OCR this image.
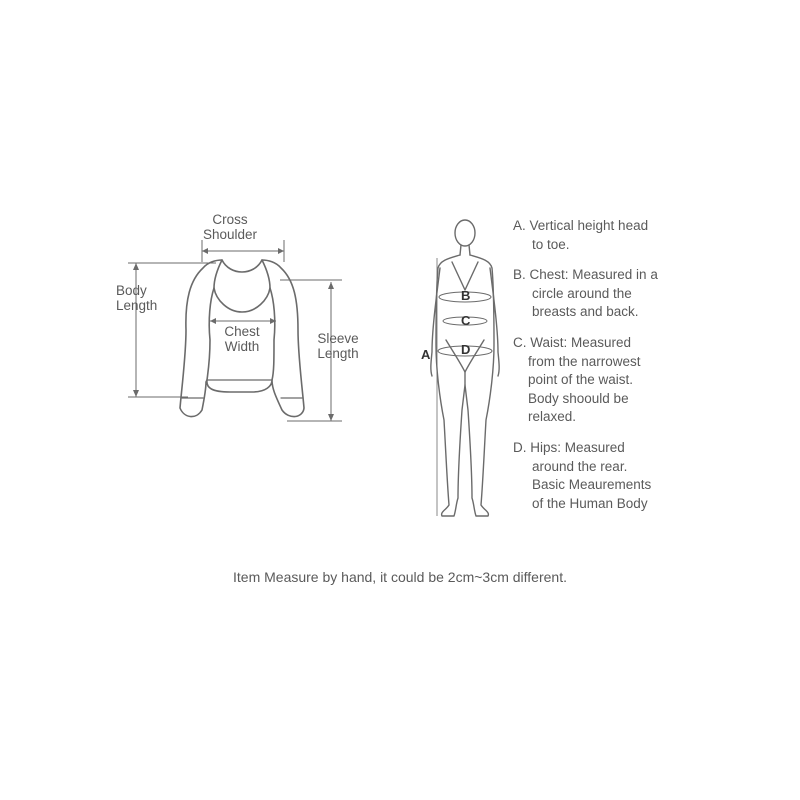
Cross
Shoulder
Body
Length
Chest
Width
Sleeve
Length	A
B
C
D
A. Vertical height head
to toe.
B. Chest: Measured in a
circle around the
breasts and back.
C. Waist: Measured
from the narrowest
point of the waist.
Body shoould be
relaxed.
D. Hips: Measured
around the rear.
Basic Meaurements
of the Human Body
Item Measure by hand, it could be 2cm~3cm different.
